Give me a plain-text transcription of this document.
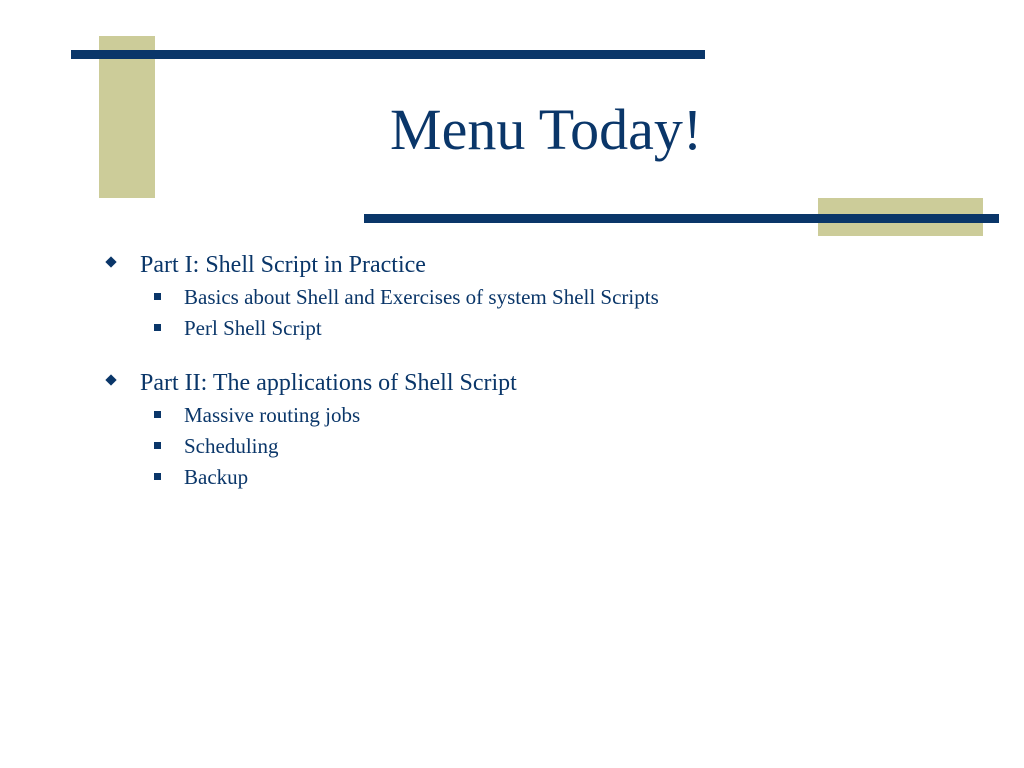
Menu Today!
Part I: Shell Script in Practice
Basics about Shell and Exercises of system Shell Scripts
Perl Shell Script
Part II: The applications of Shell Script
Massive routing jobs
Scheduling
Backup
